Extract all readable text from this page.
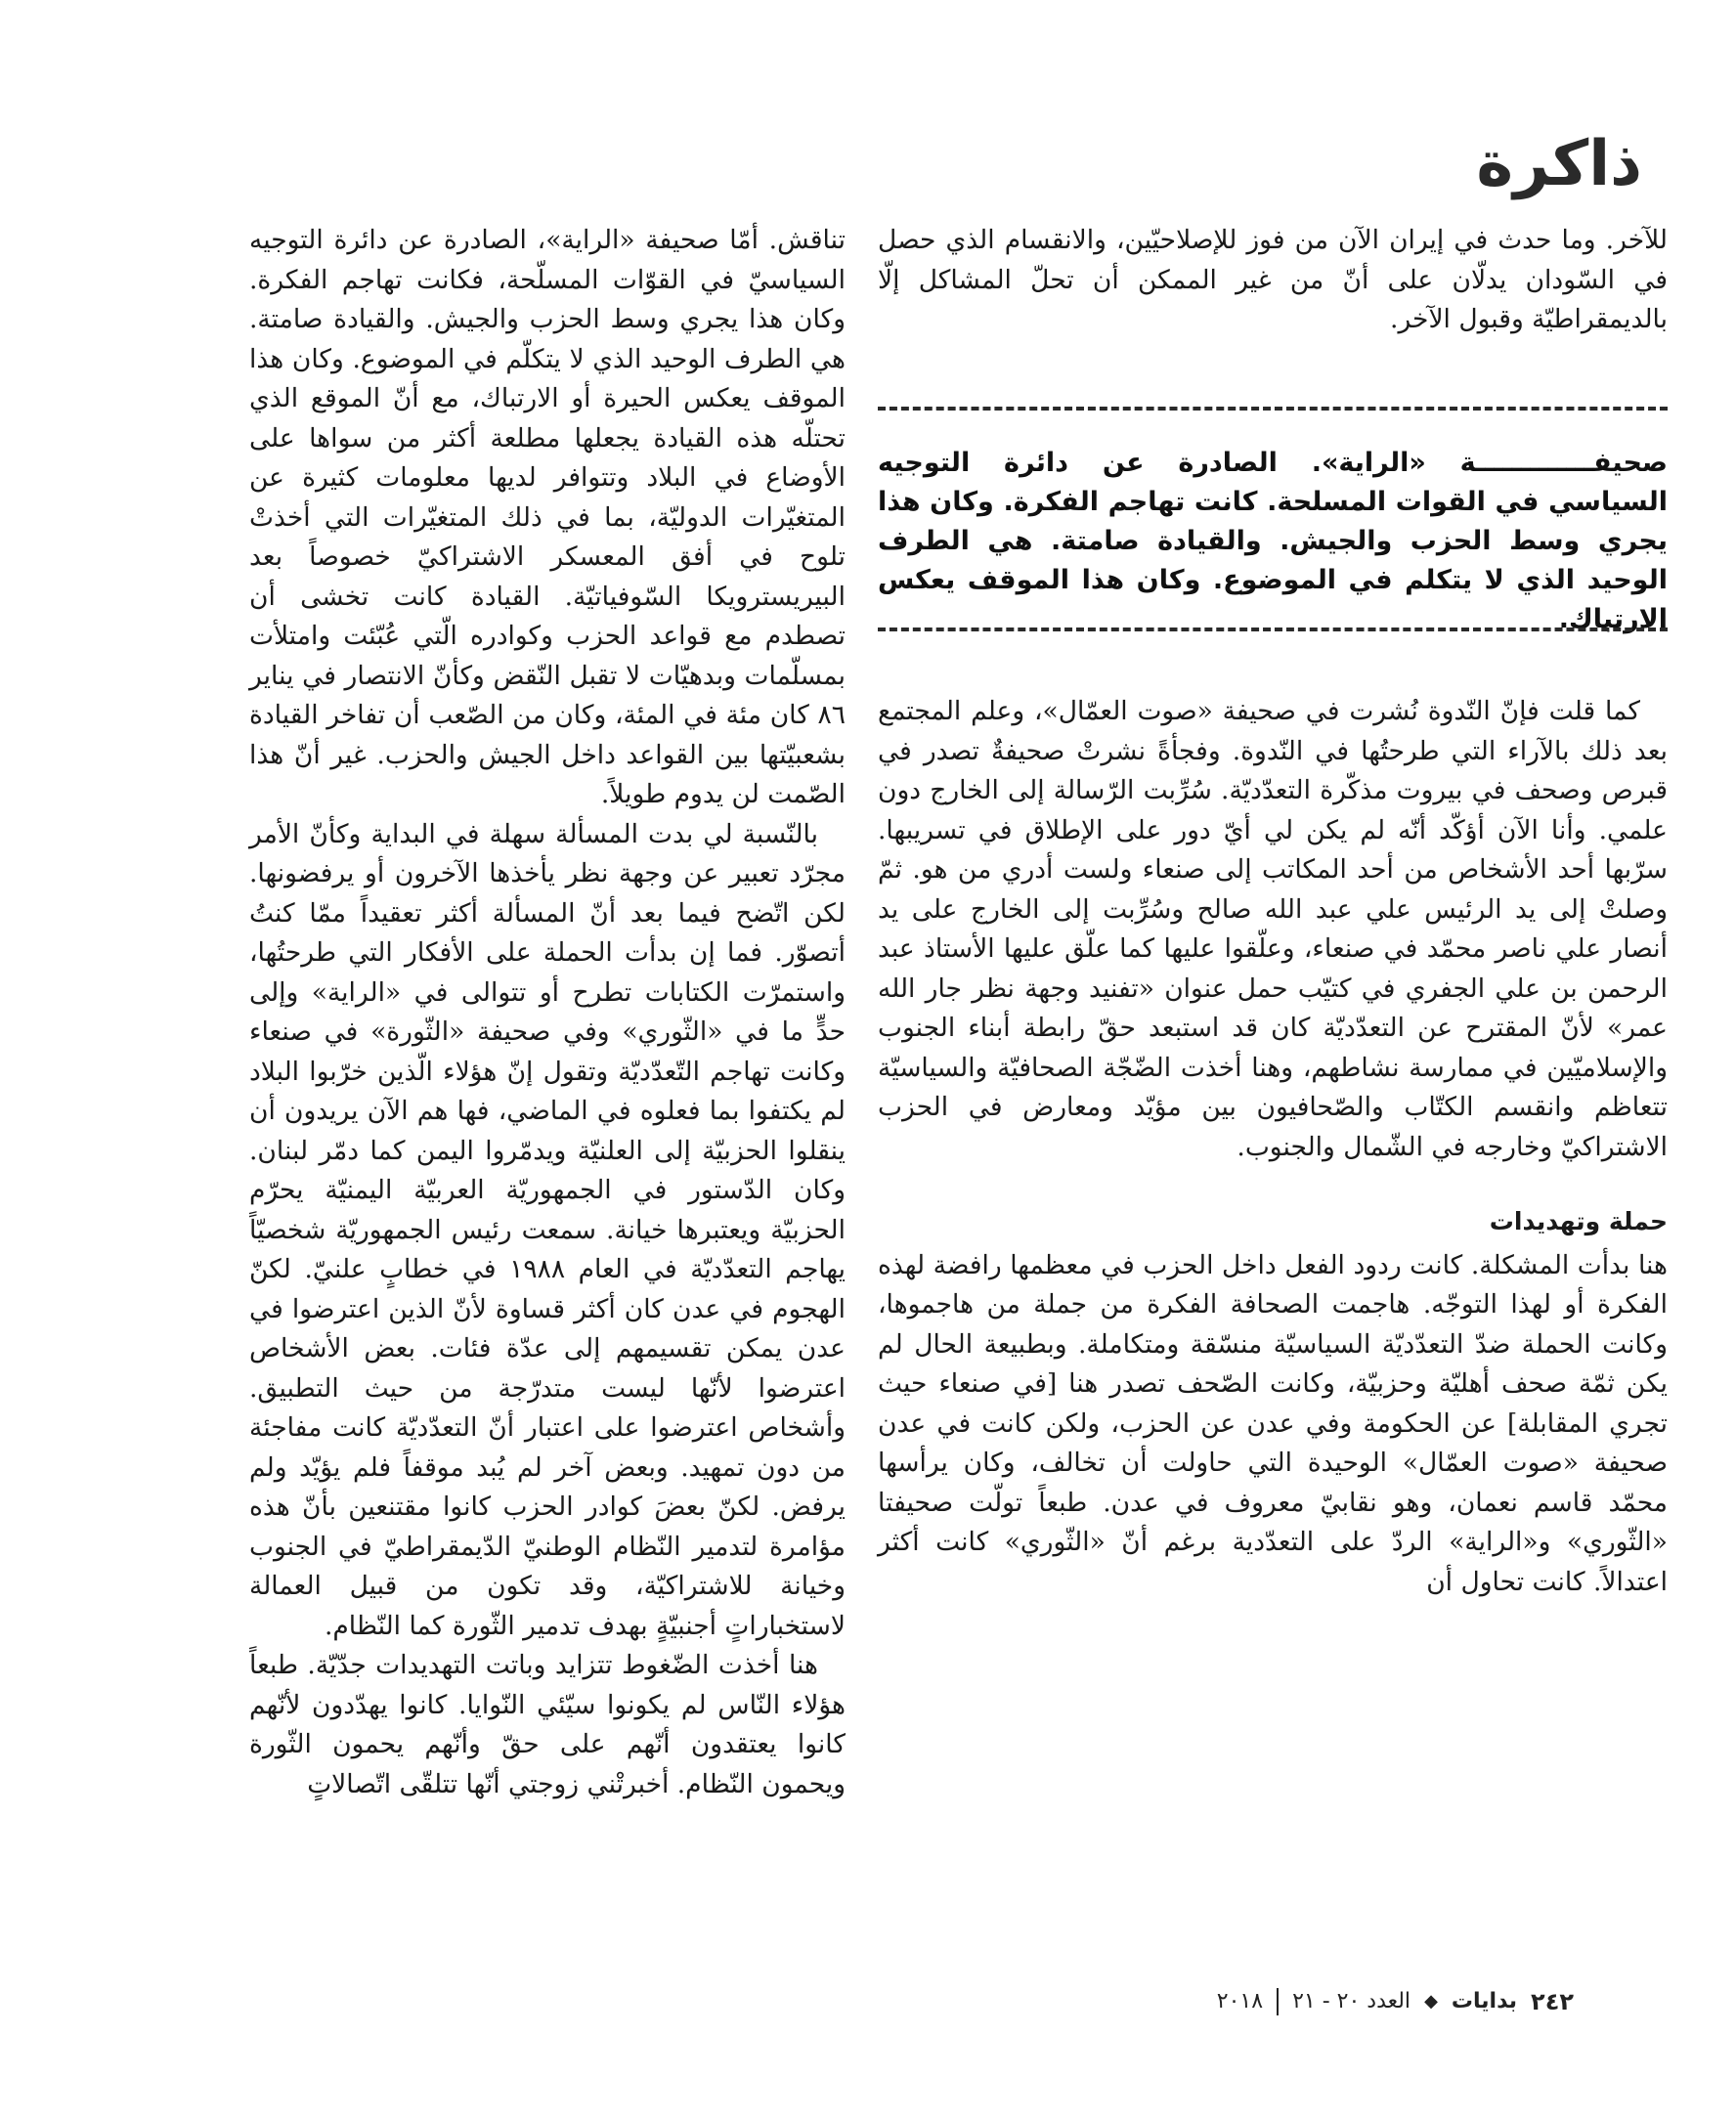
ذاكرة

للآخر. وما حدث في إيران الآن من فوز للإصلاحيّين، والانقسام الذي حصل في السّودان يدلّان على أنّ من غير الممكن أن تحلّ المشاكل إلّا بالديمقراطيّة وقبول الآخر.

صحيفـــــــــــــة «الراية». الصادرة عن دائرة التوجيه السياسي في القوات المسلحة. كانت تهاجم الفكرة. وكان هذا يجري وسط الحزب والجيش. والقيادة صامتة. هي الطرف الوحيد الذي لا يتكلم في الموضوع. وكان هذا الموقف يعكس الارتباك.

كما قلت فإنّ النّدوة نُشرت في صحيفة «صوت العمّال»، وعلم المجتمع بعد ذلك بالآراء التي طرحتُها في النّدوة. وفجأةً نشرتْ صحيفةٌ تصدر في قبرص وصحف في بيروت مذكّرة التعدّديّة. سُرِّبت الرّسالة إلى الخارج دون علمي. وأنا الآن أؤكّد أنّه لم يكن لي أيّ دور على الإطلاق في تسريبها. سرّبها أحد الأشخاص من أحد المكاتب إلى صنعاء ولست أدري من هو. ثمّ وصلتْ إلى يد الرئيس علي عبد الله صالح وسُرِّبت إلى الخارج على يد أنصار علي ناصر محمّد في صنعاء، وعلّقوا عليها كما علّق عليها الأستاذ عبد الرحمن بن علي الجفري في كتيّب حمل عنوان «تفنيد وجهة نظر جار الله عمر» لأنّ المقترح عن التعدّديّة كان قد استبعد حقّ رابطة أبناء الجنوب والإسلاميّين في ممارسة نشاطهم، وهنا أخذت الضّجّة الصحافيّة والسياسيّة تتعاظم وانقسم الكتّاب والصّحافيون بين مؤيّد ومعارض في الحزب الاشتراكيّ وخارجه في الشّمال والجنوب.

حملة وتهديدات

هنا بدأت المشكلة. كانت ردود الفعل داخل الحزب في معظمها رافضة لهذه الفكرة أو لهذا التوجّه. هاجمت الصحافة الفكرة من جملة من هاجموها، وكانت الحملة ضدّ التعدّديّة السياسيّة منسّقة ومتكاملة. وبطبيعة الحال لم يكن ثمّة صحف أهليّة وحزبيّة، وكانت الصّحف تصدر هنا [في صنعاء حيث تجري المقابلة] عن الحكومة وفي عدن عن الحزب، ولكن كانت في عدن صحيفة «صوت العمّال» الوحيدة التي حاولت أن تخالف، وكان يرأسها محمّد قاسم نعمان، وهو نقابيّ معروف في عدن. طبعاً تولّت صحيفتا «الثّوري» و«الراية» الردّ على التعدّدية برغم أنّ «الثّوري» كانت أكثر اعتدالاً. كانت تحاول أن

تناقش. أمّا صحيفة «الراية»، الصادرة عن دائرة التوجيه السياسيّ في القوّات المسلّحة، فكانت تهاجم الفكرة. وكان هذا يجري وسط الحزب والجيش. والقيادة صامتة. هي الطرف الوحيد الذي لا يتكلّم في الموضوع. وكان هذا الموقف يعكس الحيرة أو الارتباك، مع أنّ الموقع الذي تحتلّه هذه القيادة يجعلها مطلعة أكثر من سواها على الأوضاع في البلاد وتتوافر لديها معلومات كثيرة عن المتغيّرات الدوليّة، بما في ذلك المتغيّرات التي أخذتْ تلوح في أفق المعسكر الاشتراكيّ خصوصاً بعد البيريسترويكا السّوفياتيّة. القيادة كانت تخشى أن تصطدم مع قواعد الحزب وكوادره الّتي عُبّئت وامتلأت بمسلّمات وبدهيّات لا تقبل النّقض وكأنّ الانتصار في يناير ٨٦ كان مئة في المئة، وكان من الصّعب أن تفاخر القيادة بشعبيّتها بين القواعد داخل الجيش والحزب. غير أنّ هذا الصّمت لن يدوم طويلاً.

بالنّسبة لي بدت المسألة سهلة في البداية وكأنّ الأمر مجرّد تعبير عن وجهة نظر يأخذها الآخرون أو يرفضونها. لكن اتّضح فيما بعد أنّ المسألة أكثر تعقيداً ممّا كنتُ أتصوّر. فما إن بدأت الحملة على الأفكار التي طرحتُها، واستمرّت الكتابات تطرح أو تتوالى في «الراية» وإلى حدٍّ ما في «الثّوري» وفي صحيفة «الثّورة» في صنعاء وكانت تهاجم التّعدّديّة وتقول إنّ هؤلاء الّذين خرّبوا البلاد لم يكتفوا بما فعلوه في الماضي، فها هم الآن يريدون أن ينقلوا الحزبيّة إلى العلنيّة ويدمّروا اليمن كما دمّر لبنان. وكان الدّستور في الجمهوريّة العربيّة اليمنيّة يحرّم الحزبيّة ويعتبرها خيانة. سمعت رئيس الجمهوريّة شخصيّاً يهاجم التعدّديّة في العام ١٩٨٨ في خطابٍ علنيّ. لكنّ الهجوم في عدن كان أكثر قساوة لأنّ الذين اعترضوا في عدن يمكن تقسيمهم إلى عدّة فئات. بعض الأشخاص اعترضوا لأنّها ليست متدرّجة من حيث التطبيق. وأشخاص اعترضوا على اعتبار أنّ التعدّديّة كانت مفاجئة من دون تمهيد. وبعض آخر لم يُبد موقفاً فلم يؤيّد ولم يرفض. لكنّ بعضَ كوادر الحزب كانوا مقتنعين بأنّ هذه مؤامرة لتدمير النّظام الوطنيّ الدّيمقراطيّ في الجنوب وخيانة للاشتراكيّة، وقد تكون من قبيل العمالة لاستخباراتٍ أجنبيّةٍ بهدف تدمير الثّورة كما النّظام.

هنا أخذت الضّغوط تتزايد وباتت التهديدات جدّيّة. طبعاً هؤلاء النّاس لم يكونوا سيّئي النّوايا. كانوا يهدّدون لأنّهم كانوا يعتقدون أنّهم على حقّ وأنّهم يحمون الثّورة ويحمون النّظام. أخبرتْني زوجتي أنّها تتلقّى اتّصالاتٍ

٢٤٢
بدايات
◆
العدد ٢٠ - ٢١
٢٠١٨
